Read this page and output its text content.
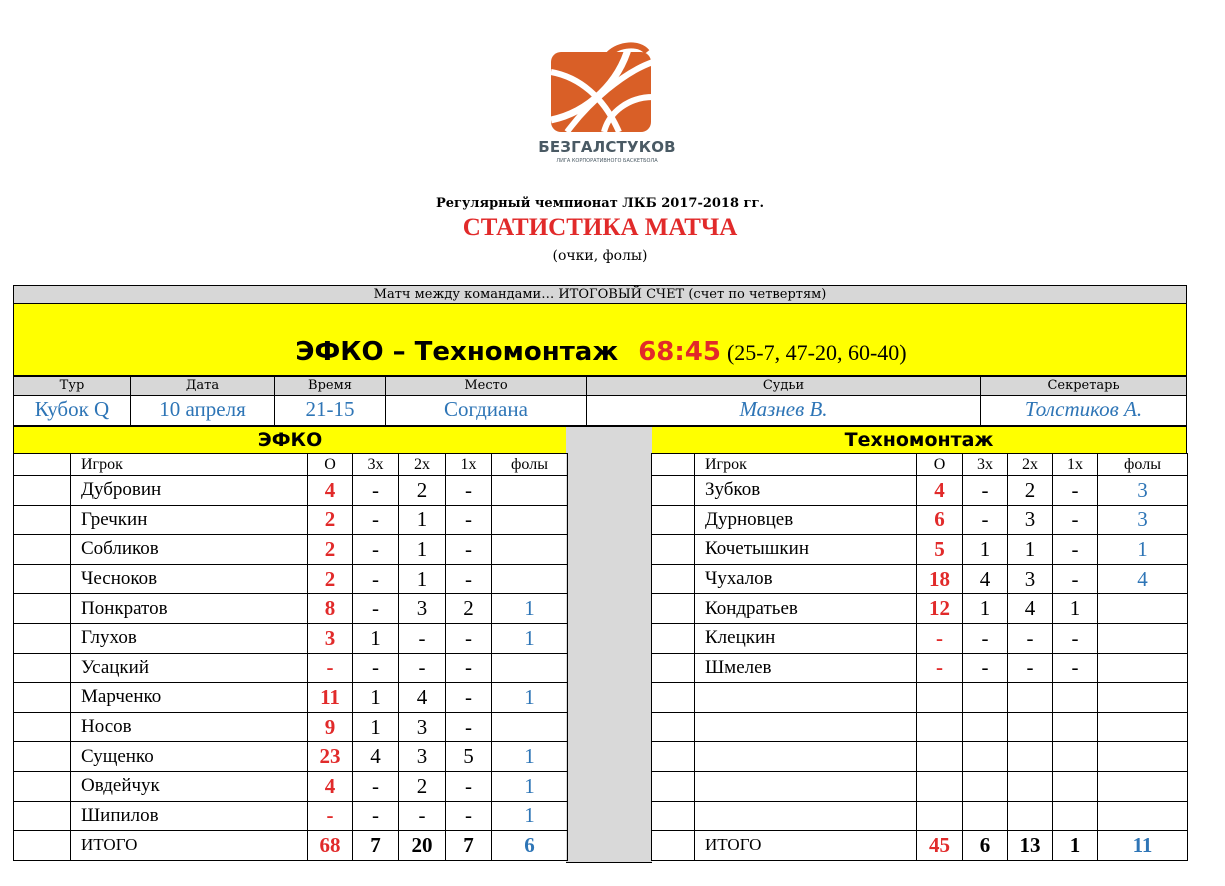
БЕЗГАЛСТУКОВ
ЛИГА КОРПОРАТИВНОГО БАСКЕТБОЛА
Регулярный чемпионат ЛКБ 2017-2018 гг.
СТАТИСТИКА МАТЧА
(очки, фолы)
Матч между командами… ИТОГОВЫЙ СЧЕТ (счет по четвертям)
ЭФКО – Техномонтаж 68:45 (25-7, 47-20, 60-40)
Тур	Дата	Время	Место	Судьи	Секретарь
Кубок Q	10 апреля	21-15	Согдиана	Мазнев В.	Толстиков А.
ЭФКО	Техномонтаж
	Игрок	О	3х	2х	1х	фолы
	Дубровин	4	-	2	-	
	Гречкин	2	-	1	-	
	Собликов	2	-	1	-	
	Чесноков	2	-	1	-	
	Понкратов	8	-	3	2	1
	Глухов	3	1	-	-	1
	Усацкий	-	-	-	-	
	Марченко	11	1	4	-	1
	Носов	9	1	3	-	
	Сущенко	23	4	3	5	1
	Овдейчук	4	-	2	-	1
	Шипилов	-	-	-	-	1
	ИТОГО	68	7	20	7	6
	Игрок	О	3х	2х	1х	фолы
	Зубков	4	-	2	-	3
	Дурновцев	6	-	3	-	3
	Кочетышкин	5	1	1	-	1
	Чухалов	18	4	3	-	4
	Кондратьев	12	1	4	1	
	Клецкин	-	-	-	-	
	Шмелев	-	-	-	-	

	ИТОГО	45	6	13	1	11
